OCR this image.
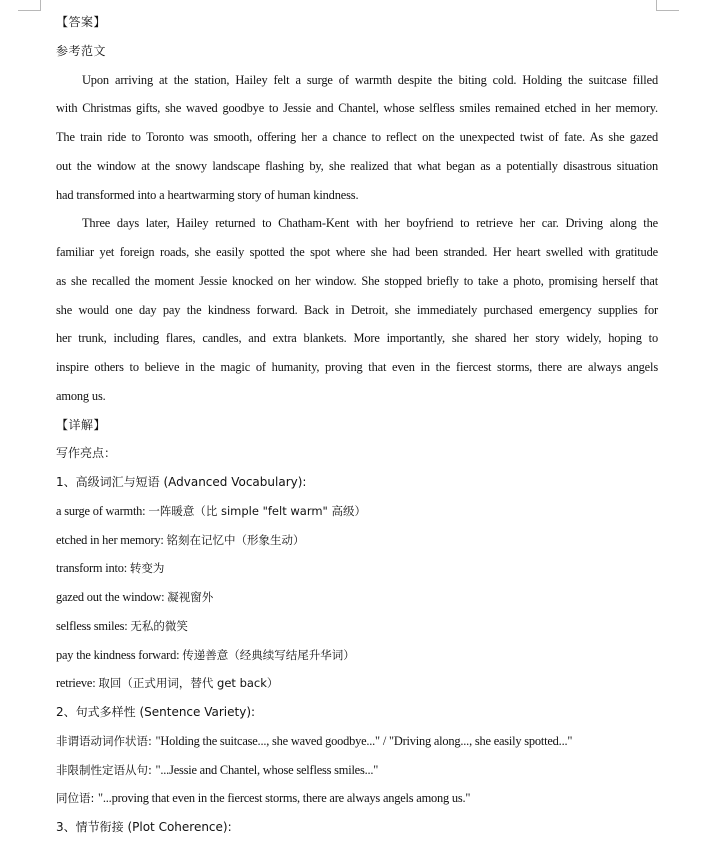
【答案】
参考范文
Upon arriving at the station, Hailey felt a surge of warmth despite the biting cold. Holding the suitcase filled
with Christmas gifts, she waved goodbye to Jessie and Chantel, whose selfless smiles remained etched in her memory.
The train ride to Toronto was smooth, offering her a chance to reflect on the unexpected twist of fate. As she gazed
out the window at the snowy landscape flashing by, she realized that what began as a potentially disastrous situation
had transformed into a heartwarming story of human kindness.
Three days later, Hailey returned to Chatham-Kent with her boyfriend to retrieve her car. Driving along the
familiar yet foreign roads, she easily spotted the spot where she had been stranded. Her heart swelled with gratitude
as she recalled the moment Jessie knocked on her window. She stopped briefly to take a photo, promising herself that
she would one day pay the kindness forward. Back in Detroit, she immediately purchased emergency supplies for
her trunk, including flares, candles, and extra blankets. More importantly, she shared her story widely, hoping to
inspire others to believe in the magic of humanity, proving that even in the fiercest storms, there are always angels
among us.
【详解】
写作亮点：
1、高级词汇与短语 (Advanced Vocabulary):
a surge of warmth: 一阵暖意（比 simple "felt warm" 高级）
etched in her memory: 铭刻在记忆中（形象生动）
transform into: 转变为
gazed out the window: 凝视窗外
selfless smiles: 无私的微笑
pay the kindness forward: 传递善意（经典续写结尾升华词）
retrieve: 取回（正式用词，替代 get back）
2、句式多样性 (Sentence Variety):
非谓语动词作状语: "Holding the suitcase..., she waved goodbye..." / "Driving along..., she easily spotted..."
非限制性定语从句: "...Jessie and Chantel, whose selfless smiles..."
同位语: "...proving that even in the fiercest storms, there are always angels among us."
3、情节衔接 (Plot Coherence):
